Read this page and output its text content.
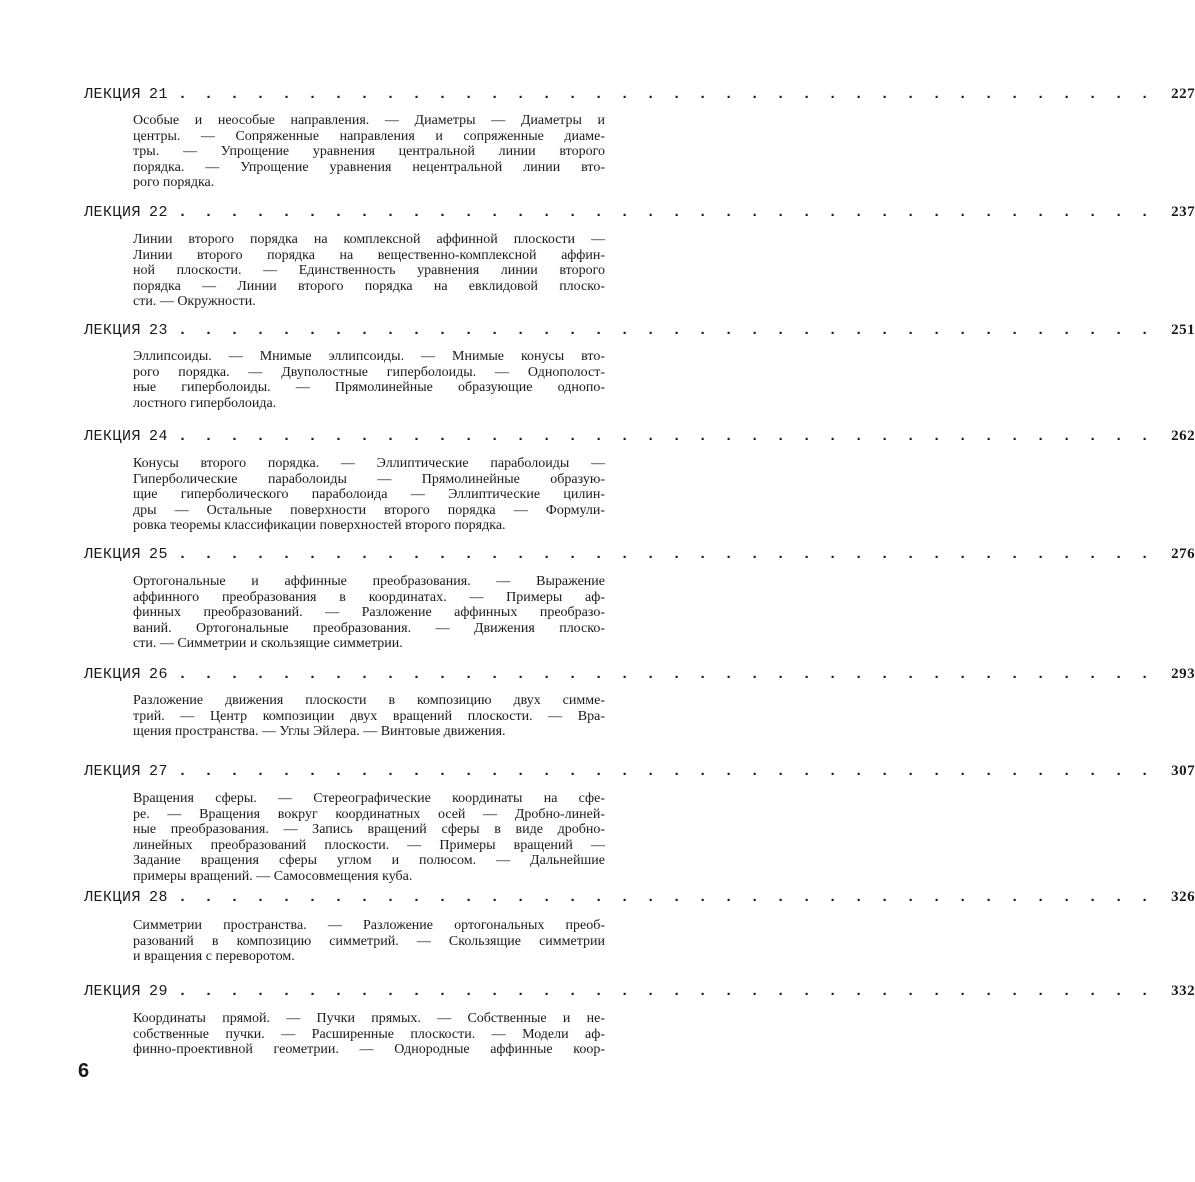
ЛЕКЦИЯ 21 . . . . . . . . . . . . . . . . . . . . . . . . . . . . . . . . . . . . . . 227
Особые и неособые направления. — Диаметры — Диаметры и
центры. — Сопряженные направления и сопряженные диаме-
тры. — Упрощение уравнения центральной линии второго
порядка. — Упрощение уравнения нецентральной линии вто-
рого порядка.
ЛЕКЦИЯ 22 . . . . . . . . . . . . . . . . . . . . . . . . . . . . . . . . . . . . . . 237
Линии второго порядка на комплексной аффинной плоскости —
Линии второго порядка на вещественно-комплексной аффин-
ной плоскости. — Единственность уравнения линии второго
порядка — Линии второго порядка на евклидовой плоско-
сти. — Окружности.
ЛЕКЦИЯ 23 . . . . . . . . . . . . . . . . . . . . . . . . . . . . . . . . . . . . . . 251
Эллипсоиды. — Мнимые эллипсоиды. — Мнимые конусы вто-
рого порядка. — Двуполостные гиперболоиды. — Однополост-
ные гиперболоиды. — Прямолинейные образующие однопо-
лостного гиперболоида.
ЛЕКЦИЯ 24 . . . . . . . . . . . . . . . . . . . . . . . . . . . . . . . . . . . . . . 262
Конусы второго порядка. — Эллиптические параболоиды —
Гиперболические параболоиды — Прямолинейные образую-
щие гиперболического параболоида — Эллиптические цилин-
дры — Остальные поверхности второго порядка — Формули-
ровка теоремы классификации поверхностей второго порядка.
ЛЕКЦИЯ 25 . . . . . . . . . . . . . . . . . . . . . . . . . . . . . . . . . . . . . . 276
Ортогональные и аффинные преобразования. — Выражение
аффинного преобразования в координатах. — Примеры аф-
финных преобразований. — Разложение аффинных преобразо-
ваний. Ортогональные преобразования. — Движения плоско-
сти. — Симметрии и скользящие симметрии.
ЛЕКЦИЯ 26 . . . . . . . . . . . . . . . . . . . . . . . . . . . . . . . . . . . . . . 293
Разложение движения плоскости в композицию двух симме-
трий. — Центр композиции двух вращений плоскости. — Вра-
щения пространства. — Углы Эйлера. — Винтовые движения.
ЛЕКЦИЯ 27 . . . . . . . . . . . . . . . . . . . . . . . . . . . . . . . . . . . . . . 307
Вращения сферы. — Стереографические координаты на сфе-
ре. — Вращения вокруг координатных осей — Дробно-линей-
ные преобразования. — Запись вращений сферы в виде дробно-
линейных преобразований плоскости. — Примеры вращений —
Задание вращения сферы углом и полюсом. — Дальнейшие
примеры вращений. — Самосовмещения куба.
ЛЕКЦИЯ 28 . . . . . . . . . . . . . . . . . . . . . . . . . . . . . . . . . . . . . . 326
Симметрии пространства. — Разложение ортогональных преоб-
разований в композицию симметрий. — Скользящие симметрии
и вращения с переворотом.
ЛЕКЦИЯ 29 . . . . . . . . . . . . . . . . . . . . . . . . . . . . . . . . . . . . . . 332
Координаты прямой. — Пучки прямых. — Собственные и не-
собственные пучки. — Расширенные плоскости. — Модели аф-
финно-проективной геометрии. — Однородные аффинные коор-
6
